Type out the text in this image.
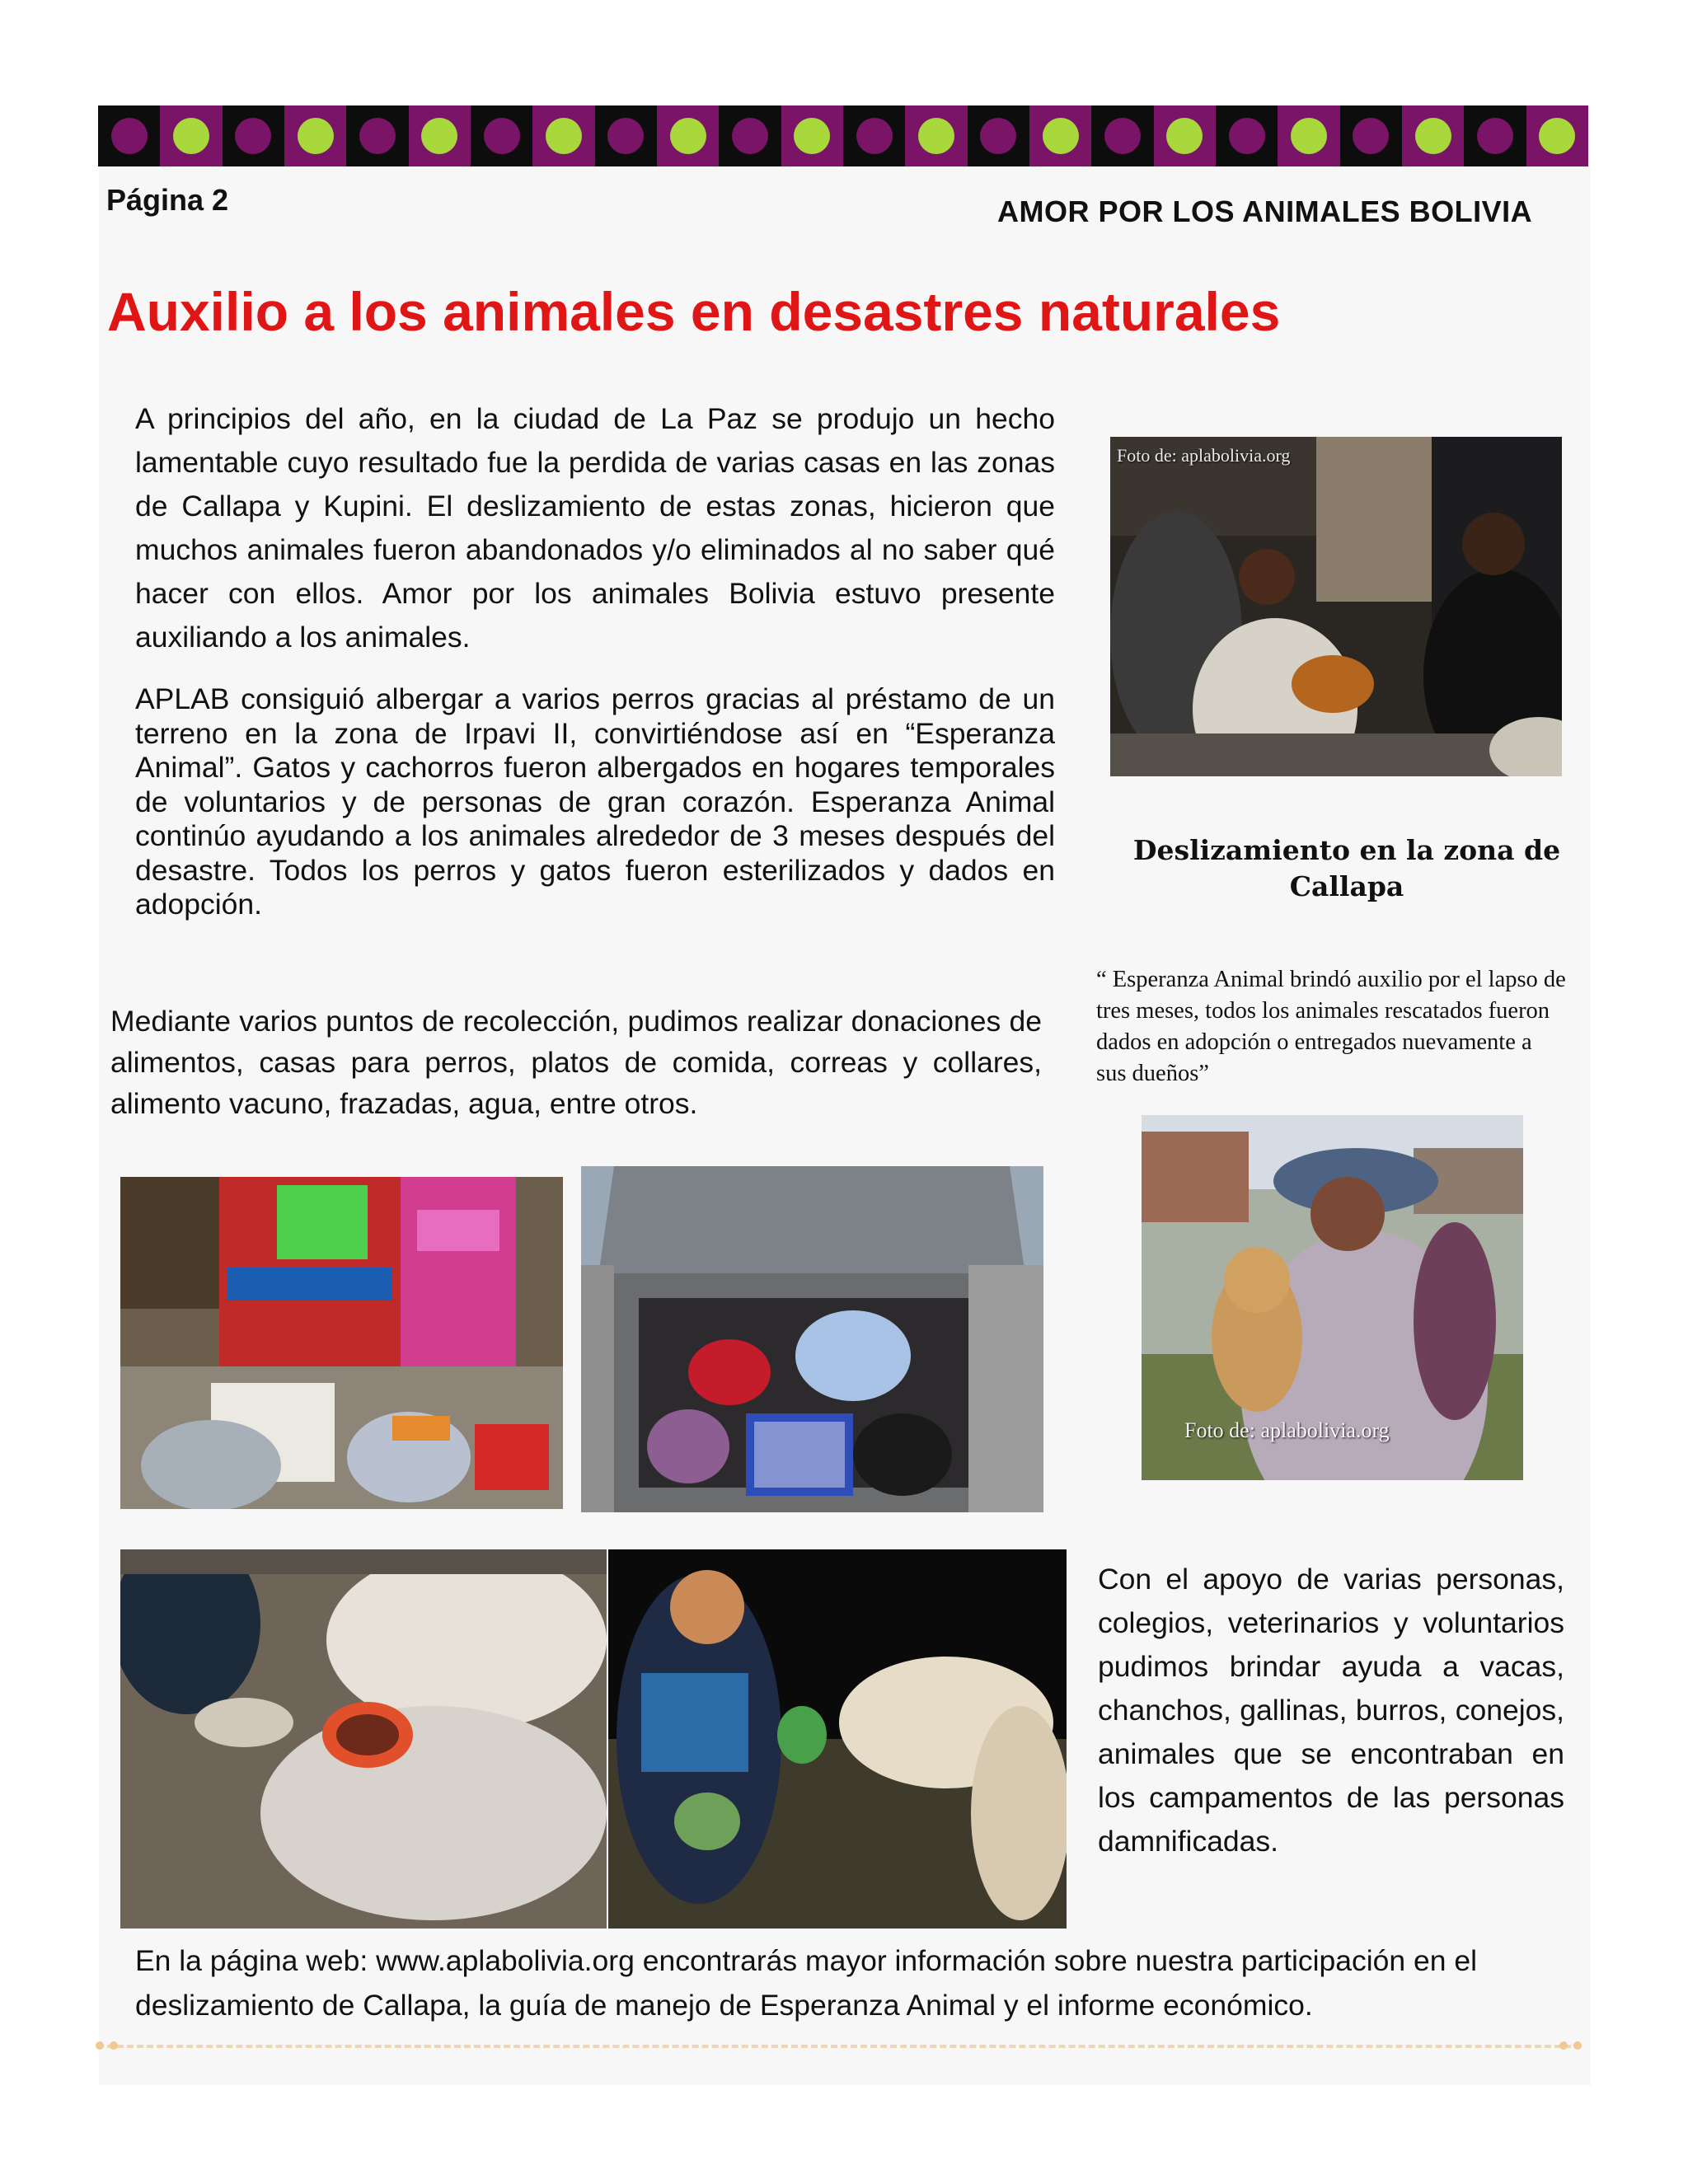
Página 2	AMOR POR LOS ANIMALES BOLIVIA
Auxilio a los animales en desastres naturales
A principios del año, en la ciudad de La Paz se produjo un hecho lamentable cuyo resultado fue la perdida de varias casas en las zonas de Callapa y Kupini. El deslizamiento de estas zonas, hicieron que muchos animales fueron abandonados y/o eliminados al no saber qué hacer con ellos. Amor por los animales Bolivia estuvo presente auxiliando a los animales.
APLAB consiguió albergar a varios perros gracias al préstamo de un terreno en la zona de Irpavi II, convirtiéndose así en “Esperanza Animal”. Gatos y cachorros fueron albergados en hogares temporales de voluntarios y de personas de gran corazón. Esperanza Animal continúo ayudando a los animales alrededor de 3 meses después del desastre. Todos los perros y gatos fueron esterilizados y dados en adopción.
Mediante varios puntos de recolección, pudimos realizar donaciones de alimentos, casas para perros, platos de comida, correas y collares, alimento vacuno, frazadas, agua, entre otros.
Con el apoyo de varias personas, colegios, veterinarios y voluntarios pudimos brindar ayuda a vacas, chanchos, gallinas, burros, conejos, animales que se encontraban en los campamentos de las personas damnificadas.
En la página web: www.aplabolivia.org encontrarás mayor información sobre nuestra participación en el deslizamiento de Callapa, la guía de manejo de Esperanza Animal y el informe económico.
Deslizamiento en la zona de Callapa
“ Esperanza Animal brindó auxilio por el lapso de tres meses, todos los animales rescatados fueron dados en adopción o entregados nuevamente a sus dueños”
Foto de: aplabolivia.org
Foto de: aplabolivia.org
